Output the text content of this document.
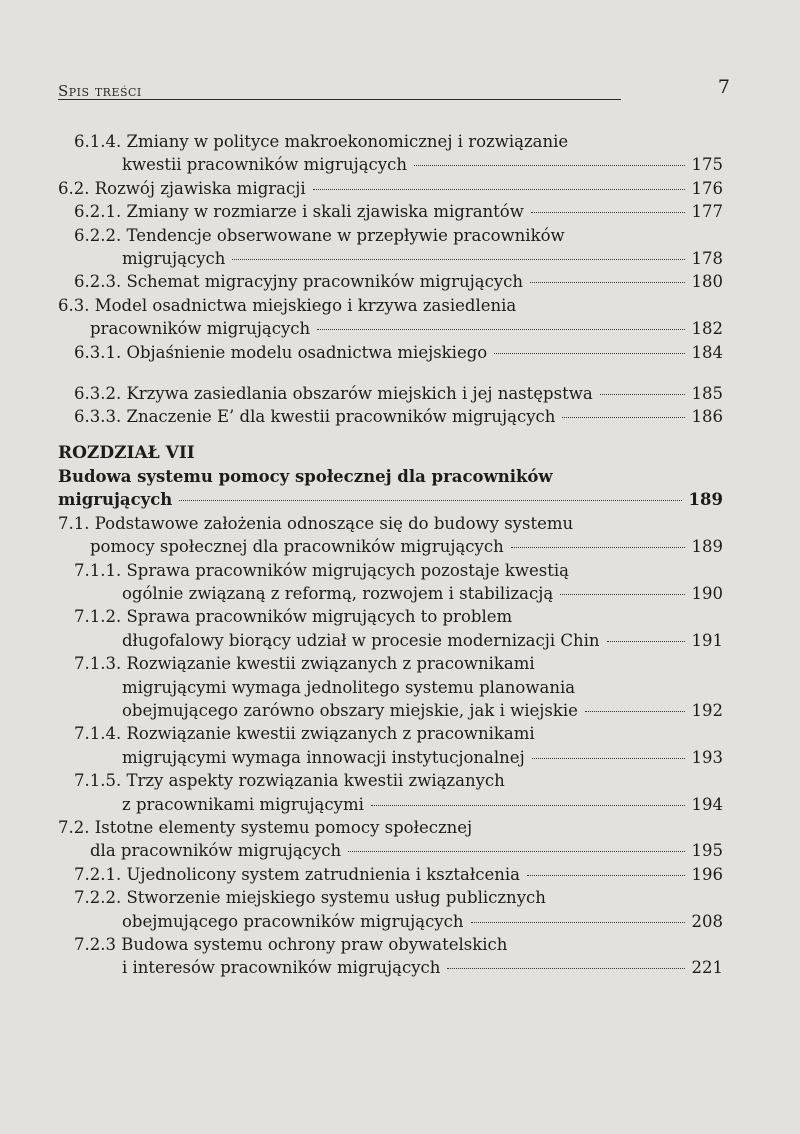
Spis treści	7
6.1.4. Zmiany w polityce makroekonomicznej i rozwiązanie
kwestii pracowników migrujących	175
6.2. Rozwój zjawiska migracji	176
6.2.1. Zmiany w rozmiarze i skali zjawiska migrantów	177
6.2.2. Tendencje obserwowane w przepływie pracowników
migrujących	178
6.2.3. Schemat migracyjny pracowników migrujących	180
6.3. Model osadnictwa miejskiego i krzywa zasiedlenia
pracowników migrujących	182
6.3.1. Objaśnienie modelu osadnictwa miejskiego	184
6.3.2. Krzywa zasiedlania obszarów miejskich i jej następstwa	185
6.3.3. Znaczenie E’ dla kwestii pracowników migrujących	186
ROZDZIAŁ VII
Budowa systemu pomocy społecznej dla pracowników
migrujących	189
7.1. Podstawowe założenia odnoszące się do budowy systemu
pomocy społecznej dla pracowników migrujących	189
7.1.1. Sprawa pracowników migrujących pozostaje kwestią
ogólnie związaną z reformą, rozwojem i stabilizacją	190
7.1.2. Sprawa pracowników migrujących to problem
długofalowy biorący udział w procesie modernizacji Chin	191
7.1.3. Rozwiązanie kwestii związanych z pracownikami
migrującymi wymaga jednolitego systemu planowania
obejmującego zarówno obszary miejskie, jak i wiejskie	192
7.1.4. Rozwiązanie kwestii związanych z pracownikami
migrującymi wymaga innowacji instytucjonalnej	193
7.1.5. Trzy aspekty rozwiązania kwestii związanych
z pracownikami migrującymi	194
7.2. Istotne elementy systemu pomocy społecznej
dla pracowników migrujących	195
7.2.1. Ujednolicony system zatrudnienia i kształcenia	196
7.2.2. Stworzenie miejskiego systemu usług publicznych
obejmującego pracowników migrujących	208
7.2.3 Budowa systemu ochrony praw obywatelskich
i interesów pracowników migrujących	221
